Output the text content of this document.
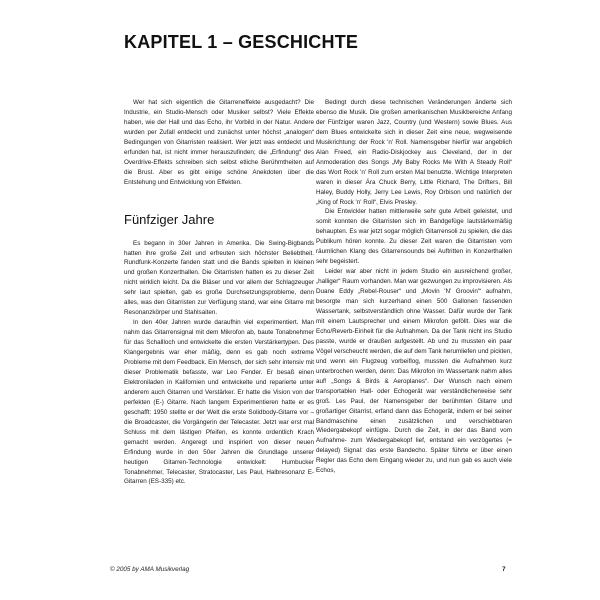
KAPITEL 1 – GESCHICHTE

Wer hat sich eigentlich die Gitarreneffekte ausgedacht? Die Industrie, ein Studio-Mensch oder Musiker selbst? Viele Effekte haben, wie der Hall und das Echo, ihr Vorbild in der Natur. Andere wurden per Zufall entdeckt und zunächst unter höchst „analogen“ Bedingungen von Gitarristen realisiert. Wer jetzt was entdeckt und erfunden hat, ist nicht immer herauszufinden; die „Erfindung“ des Overdrive-Effekts schreiben sich selbst etliche Berühmtheiten auf die Brust. Aber es gibt einige schöne Anekdoten über die Entstehung und Entwicklung von Effekten.

Fünfziger Jahre

Es begann in 30er Jahren in Amerika. Die Swing-Bigbands hatten ihre große Zeit und erfreuten sich höchster Beliebtheit. Rundfunk-Konzerte fanden statt und die Bands spielten in kleinen und großen Konzerthallen. Die Gitarristen hatten es zu dieser Zeit nicht wirklich leicht. Da die Bläser und vor allem der Schlagzeuger sehr laut spielten, gab es große Durchsetzungsprobleme, denn alles, was den Gitarristen zur Verfügung stand, war eine Gitarre mit Resonanzkörper und Stahlsaiten.

In den 40er Jahren wurde daraufhin viel experimentiert. Man nahm das Gitarrensignal mit dem Mikrofon ab, baute Tonabnehmer für das Schallloch und entwickelte die ersten Verstärkertypen. Des Klangergebnis war eher mäßig, denn es gab noch extreme Probleme mit dem Feedback. Ein Mensch, der sich sehr intensiv mit dieser Problematik befasste, war Leo Fender. Er besaß einen Elektroniladen in Kalifornien und entwickelte und reparierte unter anderem auch Gitarren und Verstärker. Er hatte die Vision von der perfekten (E-) Gitarre. Nach langem Experimentieren hatte er es geschafft: 1950 stellte er der Welt die erste Solidbody-Gitarre vor – die Broadcaster, die Vorgängerin der Telecaster. Jetzt war erst mal Schluss mit dem lästigen Pfeifen, es konnte ordentlich Krach gemacht werden. Angeregt und inspiriert von dieser neuen Erfindung wurde in den 50er Jahren die Grundlage unserer heutigen Gitarren-Technologie entwickelt: Humbucker Tonabnehmer, Telecaster, Stratocaster, Les Paul, Halbresonanz E-Gitarren (ES-335) etc.

Bedingt durch diese technischen Veränderungen änderte sich ebenso die Musik. Die großen amerikanischen Musikbereiche Anfang der Fünfziger waren Jazz, Country (und Western) sowie Blues. Aus dem Blues entwickelte sich in dieser Zeit eine neue, wegweisende Musikrichtung: der Rock 'n' Roll. Namensgeber hierfür war angeblich Alan Freed, ein Radio-Diskjockey aus Cleveland, der in der Anmoderation des Songs „My Baby Rocks Me With A Steady Roll“ das Wort Rock 'n' Roll zum ersten Mal benutzte. Wichtige Interpreten waren in dieser Ära Chuck Berry, Little Richard, The Drifters, Bill Haley, Buddy Holly, Jerry Lee Lewis, Roy Orbison und natürlich der „King of Rock 'n' Roll“, Elvis Presley.

Die Entwickler hatten mittlerweile sehr gute Arbeit geleistet, und somit konnten die Gitarristen sich im Bandgefüge lautstärkemäßig behaupten. Es war jetzt sogar möglich Gitarrensoli zu spielen, die das Publikum hören konnte. Zu dieser Zeit waren die Gitarristen vom räumlichen Klang des Gitarrensounds bei Auftritten in Konzerthallen sehr begeistert.

Leider war aber nicht in jedem Studio ein ausreichend großer, „halliger“ Raum vorhanden. Man war gezwungen zu improvisieren. Als Duane Eddy „Rebel-Rouser“ und „Movin 'N' Groovin'“ aufnahm, besorgte man sich kurzerhand einen 500 Gallonen fassenden Wassertank, selbstverständlich ohne Wasser. Dafür wurde der Tank mit einem Lautsprecher und einem Mikrofon geföllt. Dies war die Echo/Reverb-Einheit für die Aufnahmen. Da der Tank nicht ins Studio passte, wurde er draußen aufgestellt. Ab und zu mussten ein paar Vögel verscheucht werden, die auf dem Tank herumliefen und pickten, und wenn ein Flugzeug vorbeiflog, mussten die Aufnahmen kurz unterbrochen werden, denn: Das Mikrofon im Wassertank nahm alles auf! „Songs & Birds & Aeroplanes“. Der Wunsch nach einem transportablen Hall- oder Echogerät war verständlicherweise sehr groß. Les Paul, der Namensgeber der berühmten Gitarre und großartiger Gitarrist, erfand dann das Echogerät, indem er bei seiner Bandmaschine einen zusätzlichen und verschiebbaren Wiedergabekopf einfügte. Durch die Zeit, in der das Band vom Aufnahme- zum Wiedergabekopf lief, entstand ein verzögertes (= delayed) Signal: das erste Bandecho. Später führte er über einen Regler das Echo dem Eingang wieder zu, und nun gab es auch viele Echos,

© 2005 by AMA Musikverlag	7
